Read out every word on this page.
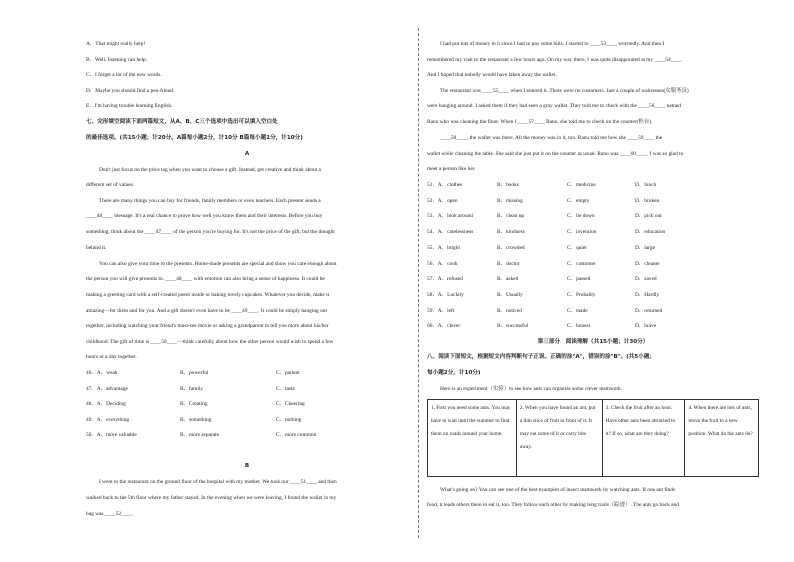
A．That might really help!
B．Well, listening can help.
C．I forget a lot of the new words.
D．Maybe you should find a pen-friend.
E．I'm having trouble learning English.
七、完形填空阅读下面两篇短文，从A、B、C三个选项中选出可以填入空白处
的最佳选项。(共15小题；计20分。A篇每小题2分，计10分 B篇每小题1分，计10分)
A
Don't just focus on the price tag when you want to choose a gift. Instead, get creative and think about a
different set of values.
There are many things you can buy for friends, family members or even teachers. Each present sends a
____46____ message. It's a real chance to prove how well you know them and their interests. Before you buy
something, think about the ____47____ of the person you're buying for. It's not the price of the gift, but the thought
behind it.
You can also give your time to the presents. Home-made presents are special and show you care enough about
the person you will give presents to. ____48____ with emotion can also bring a sense of happiness. It could be
making a greeting card with a self-created poem inside or baking lovely cupcakes. Whatever you decide, make it
amazing—for them and for you. And a gift doesn't even have to be ____49____. It could be simply hanging out
together, including watching your friend's must-see movie or asking a grandparent to tell you more about his/her
childhood. The gift of time is ____50____—think carefully about how the other person would wish to spend a few
hours or a day together.
46．A．weak	B．powerful	C．patient
47．A．advantage	B．family	C．taste
48．A．Deciding	B．Creating	C．Cheering
49．A．everything	B．something	C．nothing
50．A．more valuable	B．more separate	C．more common
B
I went to the restaurant on the ground floor of the hospital with my mother. We took our ____51____ and then
walked back to the 5th floor where my father stayed. In the evening when we were leaving, I found the wallet in my
bag was ____52____.
I had put lots of money in it since I had to pay some bills. I started to ____53____ worriedly. And then I
remembered my visit to the restaurant a few hours ago. On my way there, I was quite disappointed at my ____54____.
And I hoped that nobody would have taken away the wallet.
The restaurant was ____55____ when I entered it. There were no customers. Just a couple of waitresses(女服务员)
were hanging around. I asked them if they had seen a gray wallet. They told me to check with the ____56____ named
Ranu who was cleaning the floor. When I ____57____ Ranu, she told me to check on the counter(柜台).
____58____, the wallet was there. All the money was in it, too. Ranu told me how she ____59____ the
wallet while cleaning the table. She said she just put it on the counter as usual. Ranu was ____60____. I was so glad to
meet a person like her.
51．A．clothes	B．books	C．medicine	D．lunch
52．A．open	B．missing	C．empty	D．broken
53．A．look around	B．clean up	C．lie down	D．pick out
54．A．carelessness	B．kindness	C．invention	D．education
55．A．bright	B．crowded	C．quiet	D．large
56．A．cook	B．doctor	C．customer	D．cleaner
57．A．refused	B．asked	C．passed	D．saved
58．A．Luckily	B．Usually	C．Probably	D．Hardly
59．A．left	B．noticed	C．made	D．returned
60．A．clever	B．successful	C．honest	D．brave
第三部分　阅读理解（共15小题；计30分）
八、阅读下面短文，根据短文内容判断句子正误。正确的涂"A"，错误的涂"B"。(共5小题；
每小题2分，计10分)
Here is an experiment（实验）to see how ants can organize some clever teamwork.
1. First you need some ants. You may have to wait until the summer to find them on roads around your home.	2. When you have found an ant, put a thin slice of fruit in front of it. It may eat some of it or carry bits away.	3. Check the fruit after an hour. Have other ants been attracted to it? If so, what are they doing?	4. When there are lots of ants, move the fruit to a new position. What do the ants do?
What's going on? You can see one of the best examples of insect teamwork by watching ants. If one ant finds
food, it leads others there to eat it, too. They follow each other by making long trails（踪迹）. The ants go back and
